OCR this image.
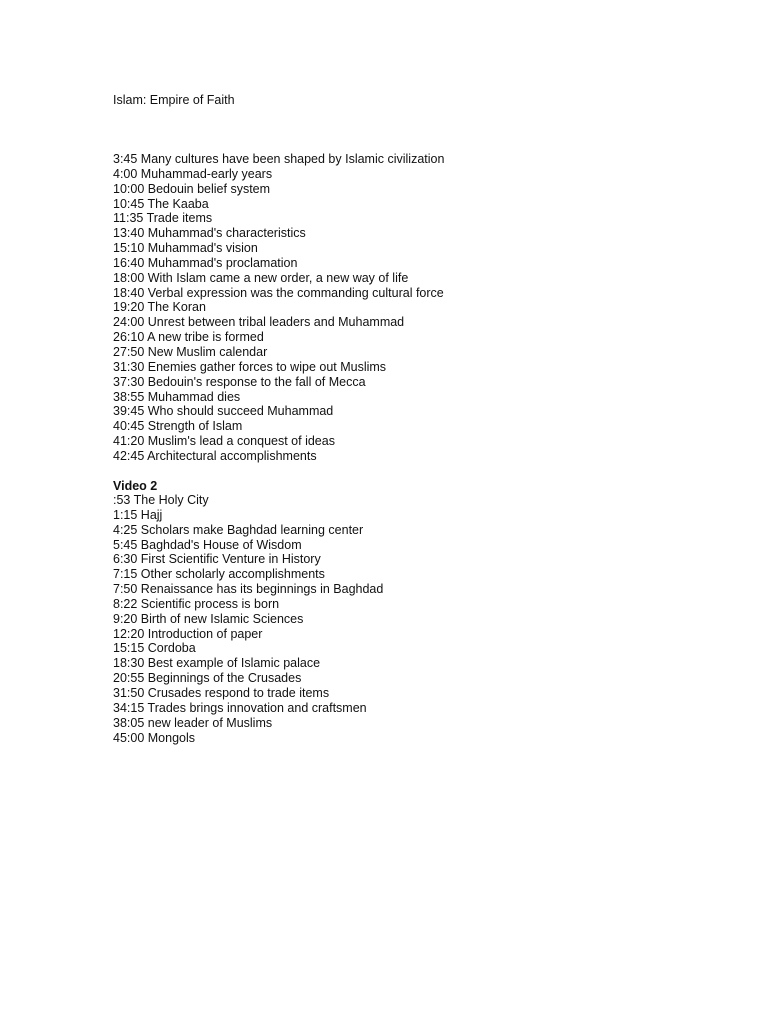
Islam: Empire of Faith
3:45 Many cultures have been shaped by Islamic civilization
4:00 Muhammad-early years
10:00 Bedouin belief system
10:45 The Kaaba
11:35 Trade items
13:40 Muhammad's characteristics
15:10 Muhammad's vision
16:40 Muhammad's proclamation
18:00 With Islam came a new order, a new way of life
18:40 Verbal expression was the commanding cultural force
19:20 The Koran
24:00 Unrest between tribal leaders and Muhammad
26:10 A new tribe is formed
27:50 New Muslim calendar
31:30 Enemies gather forces to wipe out Muslims
37:30 Bedouin's response to the fall of Mecca
38:55 Muhammad dies
39:45 Who should succeed Muhammad
40:45 Strength of Islam
41:20 Muslim's lead a conquest of ideas
42:45 Architectural accomplishments
Video 2
:53 The Holy City
1:15 Hajj
4:25 Scholars make Baghdad learning center
5:45 Baghdad's House of Wisdom
6:30 First Scientific Venture in History
7:15 Other scholarly accomplishments
7:50 Renaissance has its beginnings in Baghdad
8:22 Scientific process is born
9:20 Birth of new Islamic Sciences
12:20 Introduction of paper
15:15 Cordoba
18:30 Best example of Islamic palace
20:55 Beginnings of the Crusades
31:50 Crusades respond to trade items
34:15 Trades brings innovation and craftsmen
38:05 new leader of Muslims
45:00 Mongols
